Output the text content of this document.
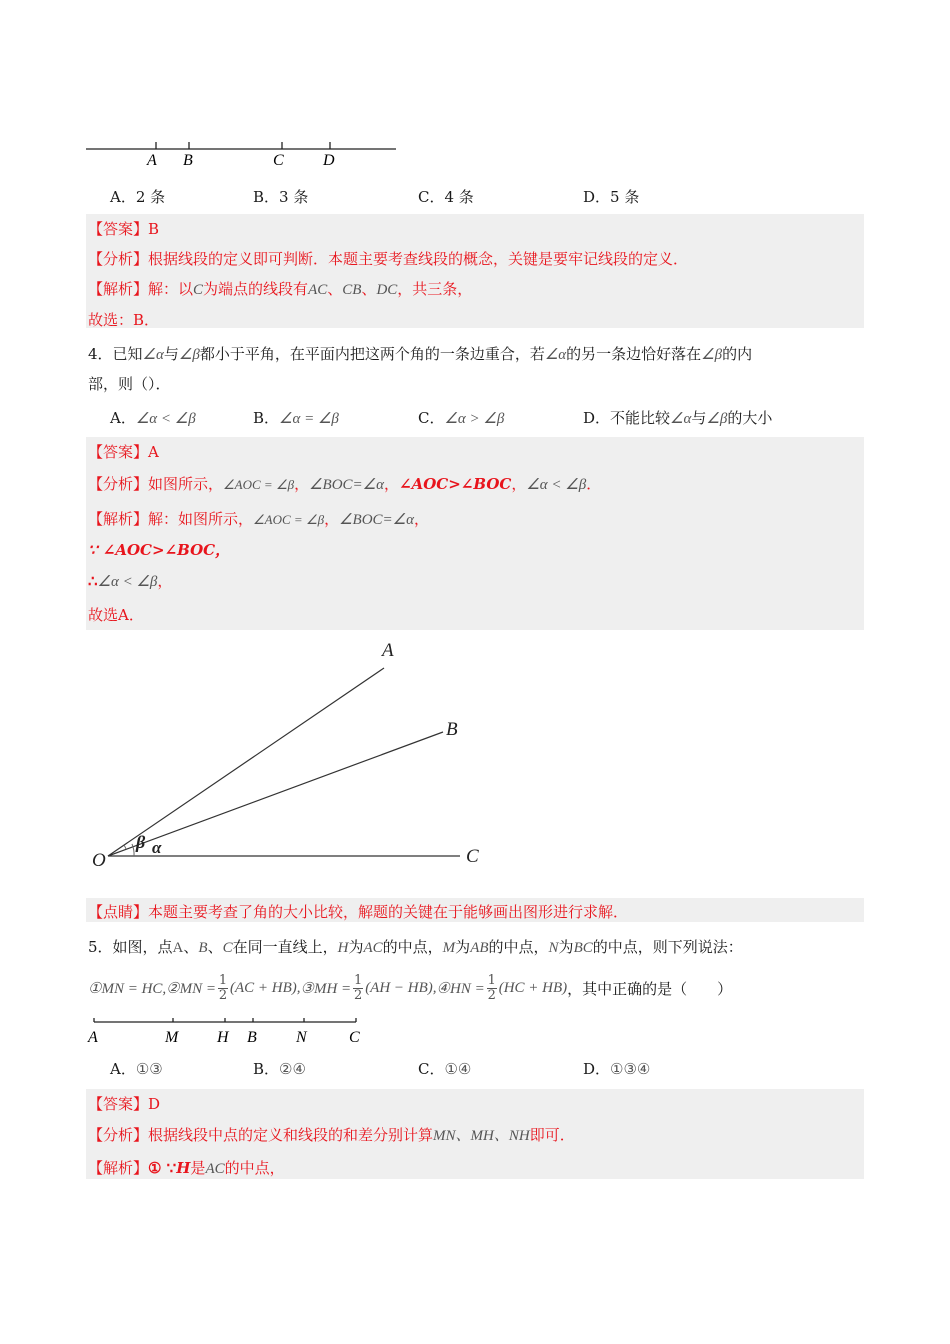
A B	C D
A．2 条	B．3 条	C．4 条	D．5 条
【答案】B
【分析】根据线段的定义即可判断．本题主要考查线段的概念，关键是要牢记线段的定义．
【解析】解：以C为端点的线段有AC、CB、DC，共三条，
故选：B．
4．已知∠α与∠β都小于平角，在平面内把这两个角的一条边重合，若∠α的另一条边恰好落在∠β的内
部，则（）．
A．∠α < ∠β	B．∠α = ∠β	C．∠α > ∠β	D．不能比较∠α与∠β的大小
【答案】A
【分析】如图所示，∠AOC = ∠β，∠BOC=∠α，∠AOC>∠BOC，∠α < ∠β．
【解析】解：如图所示，∠AOC = ∠β，∠BOC=∠α，
∵ ∠AOC>∠BOC，
∴∠α < ∠β，
故选A．
A
B
C
O
β α
【点睛】本题主要考查了角的大小比较，解题的关键在于能够画出图形进行求解．
5．如图，点A、B、C在同一直线上，H为AC的中点，M为AB的中点，N为BC的中点，则下列说法：
①MN = HC, ②MN =
1
2 (AC + HB), ③MH =
1
2 (AH − HB), ④HN =
1
2 (HC + HB) ，其中正确的是（　　）
A	M H B N	C
A．①③	B．②④	C．①④	D．①③④
【答案】D
【分析】根据线段中点的定义和线段的和差分别计算MN、MH、NH即可．
【解析】① ∵H是AC的中点，
